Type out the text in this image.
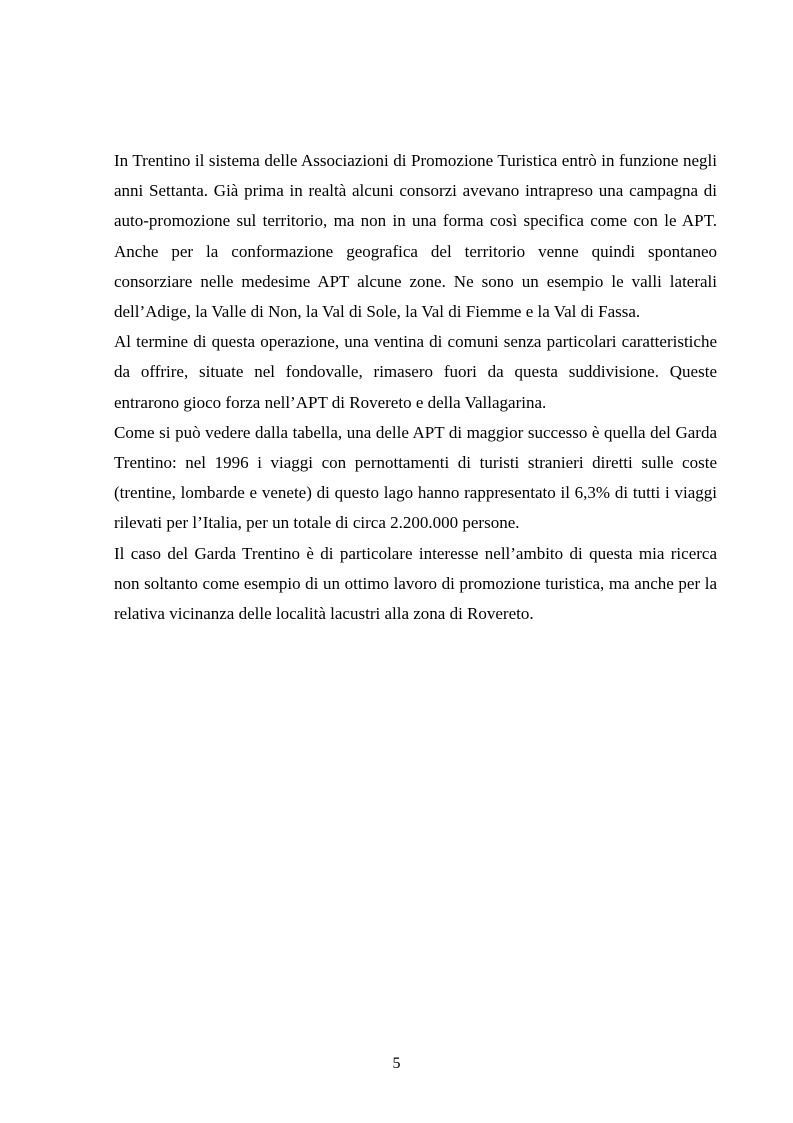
In Trentino il sistema delle Associazioni di Promozione Turistica entrò in funzione negli anni Settanta. Già prima in realtà alcuni consorzi avevano intrapreso una campagna di auto-promozione sul territorio, ma non in una forma così specifica come con le APT. Anche per la conformazione geografica del territorio venne quindi spontaneo consorziare nelle medesime APT alcune zone. Ne sono un esempio le valli laterali dell’Adige, la Valle di Non, la Val di Sole, la Val di Fiemme e la Val di Fassa.

Al termine di questa operazione, una ventina di comuni senza particolari caratteristiche da offrire, situate nel fondovalle, rimasero fuori da questa suddivisione. Queste entrarono gioco forza nell’APT di Rovereto e della Vallagarina.

Come si può vedere dalla tabella, una delle APT di maggior successo è quella del Garda Trentino: nel 1996 i viaggi con pernottamenti di turisti stranieri diretti sulle coste (trentine, lombarde e venete) di questo lago hanno rappresentato il 6,3% di tutti i viaggi rilevati per l’Italia, per un totale di circa 2.200.000 persone.

Il caso del Garda Trentino è di particolare interesse nell’ambito di questa mia ricerca non soltanto come esempio di un ottimo lavoro di promozione turistica, ma anche per la relativa vicinanza delle località lacustri alla zona di Rovereto.

5
